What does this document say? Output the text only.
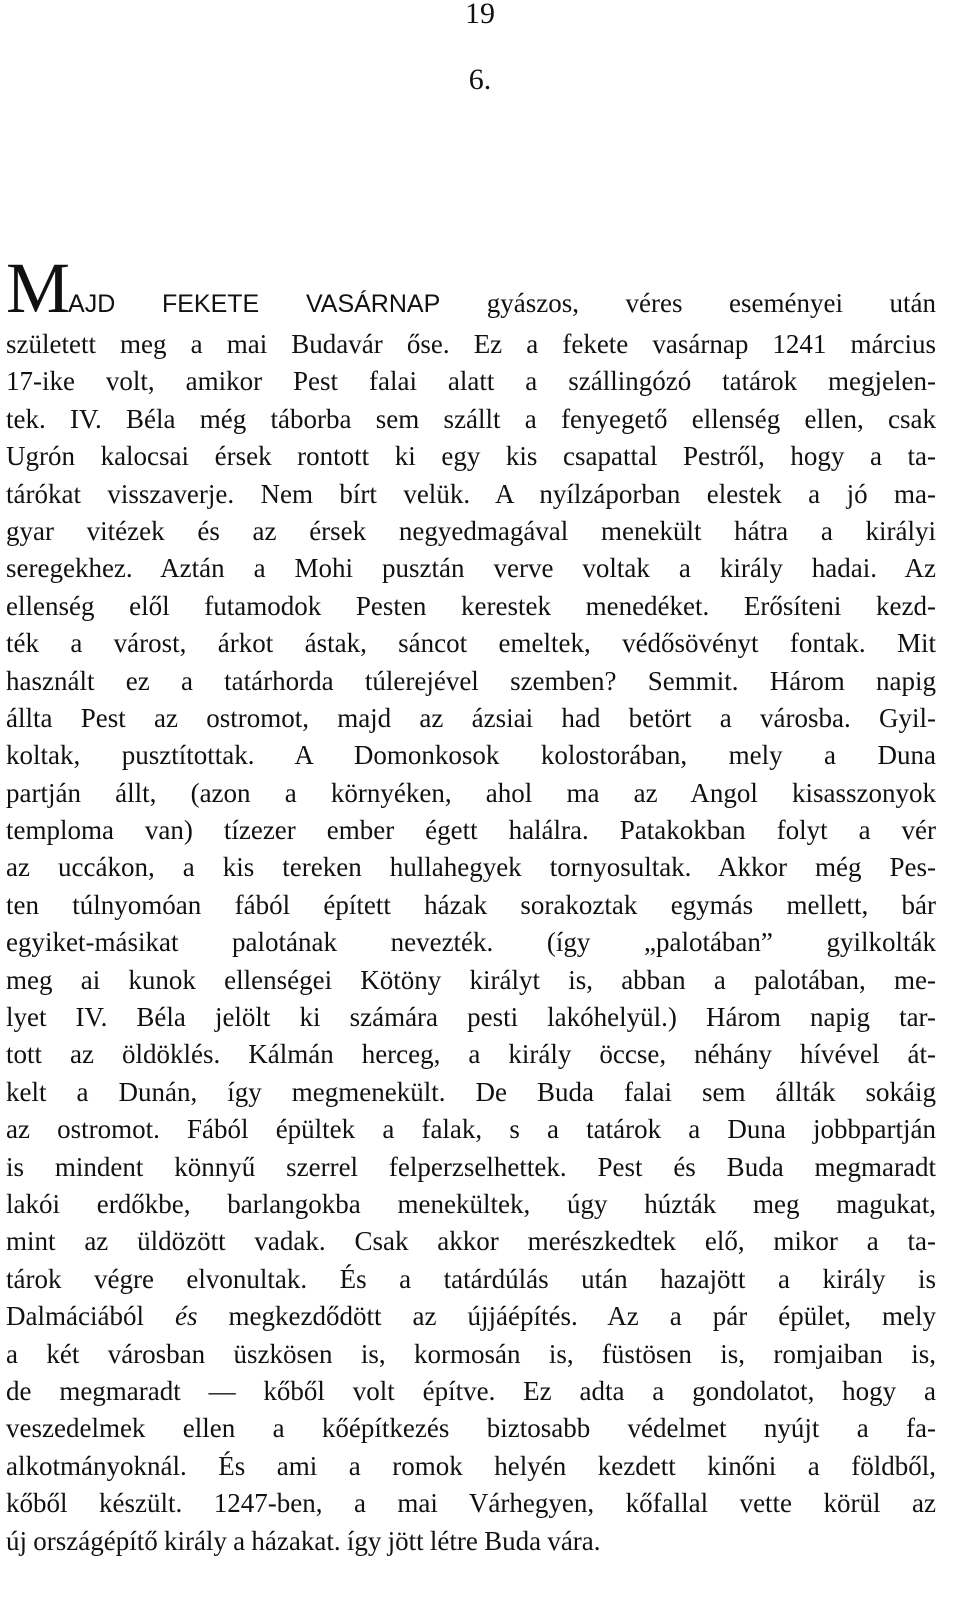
19
6.
MAJD FEKETE VASÁRNAP gyászos, véres eseményei után
született meg a mai Budavár őse. Ez a fekete vasárnap 1241 március
17-ike volt, amikor Pest falai alatt a szállingózó tatárok megjelen-
tek. IV. Béla még táborba sem szállt a fenyegető ellenség ellen, csak
Ugrón kalocsai érsek rontott ki egy kis csapattal Pestről, hogy a ta-
tárókat visszaverje. Nem bírt velük. A nyílzáporban elestek a jó ma-
gyar vitézek és az érsek negyedmagával menekült hátra a királyi
seregekhez. Aztán a Mohi pusztán verve voltak a király hadai. Az
ellenség elől futamodok Pesten kerestek menedéket. Erősíteni kezd-
ték a várost, árkot ástak, sáncot emeltek, védősövényt fontak. Mit
használt ez a tatárhorda túlerejével szemben? Semmit. Három napig
állta Pest az ostromot, majd az ázsiai had betört a városba. Gyil-
koltak, pusztítottak. A Domonkosok kolostorában, mely a Duna
partján állt, (azon a környéken, ahol ma az Angol kisasszonyok
temploma van) tízezer ember égett halálra. Patakokban folyt a vér
az uccákon, a kis tereken hullahegyek tornyosultak. Akkor még Pes-
ten túlnyomóan fából épített házak sorakoztak egymás mellett, bár
egyiket-másikat palotának nevezték. (így „palotában” gyilkolták
meg ai kunok ellenségei Kötöny királyt is, abban a palotában, me-
lyet IV. Béla jelölt ki számára pesti lakóhelyül.) Három napig tar-
tott az öldöklés. Kálmán herceg, a király öccse, néhány hívével át-
kelt a Dunán, így megmenekült. De Buda falai sem állták sokáig
az ostromot. Fából épültek a falak, s a tatárok a Duna jobbpartján
is mindent könnyű szerrel felperzselhettek. Pest és Buda megmaradt
lakói erdőkbe, barlangokba menekültek, úgy húzták meg magukat,
mint az üldözött vadak. Csak akkor merészkedtek elő, mikor a ta-
tárok végre elvonultak. És a tatárdúlás után hazajött a király is
Dalmáciából és megkezdődött az újjáépítés. Az a pár épület, mely
a két városban üszkösen is, kormosán is, füstösen is, romjaiban is,
de megmaradt — kőből volt építve. Ez adta a gondolatot, hogy a
veszedelmek ellen a kőépítkezés biztosabb védelmet nyújt a fa-
alkotmányoknál. És ami a romok helyén kezdett kinőni a földből,
kőből készült. 1247-ben, a mai Várhegyen, kőfallal vette körül az
új országépítő király a házakat. így jött létre Buda vára.
